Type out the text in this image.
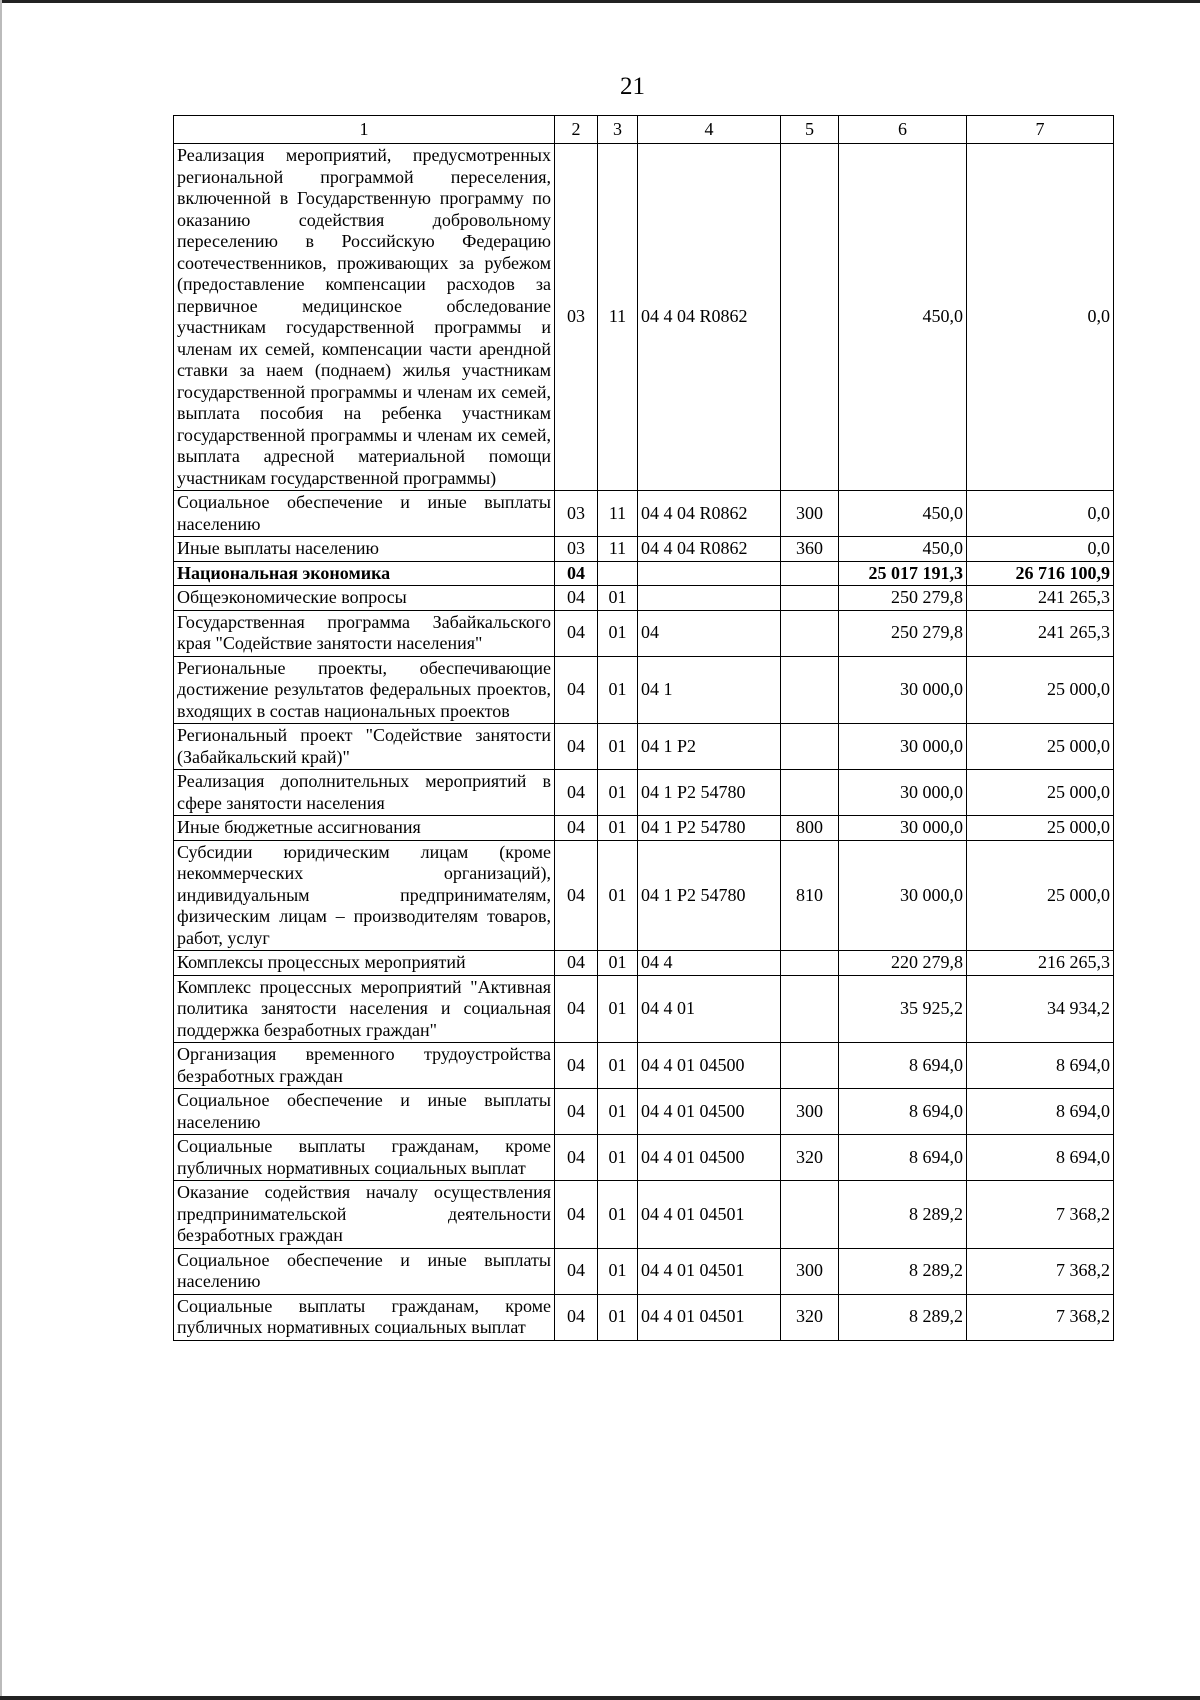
21
1	2	3	4	5	6	7
Реализация мероприятий, предусмотренных региональной программой переселения, включенной в Государственную программу по оказанию содействия добровольному переселению в Российскую Федерацию соотечественников, проживающих за рубежом (предоставление компенсации расходов за первичное медицинское обследование участникам государственной программы и членам их семей, компенсации части арендной ставки за наем (поднаем) жилья участникам государственной программы и членам их семей, выплата пособия на ребенка участникам государственной программы и членам их семей, выплата адресной материальной помощи участникам государственной программы)	03	11	04 4 04 R0862		450,0	0,0
Социальное обеспечение и иные выплаты населению	03	11	04 4 04 R0862	300	450,0	0,0
Иные выплаты населению	03	11	04 4 04 R0862	360	450,0	0,0
Национальная экономика	04				25 017 191,3	26 716 100,9
Общеэкономические вопросы	04	01			250 279,8	241 265,3
Государственная программа Забайкальского края "Содействие занятости населения"	04	01	04		250 279,8	241 265,3
Региональные проекты, обеспечивающие достижение результатов федеральных проектов, входящих в состав национальных проектов	04	01	04 1		30 000,0	25 000,0
Региональный проект "Содействие занятости (Забайкальский край)"	04	01	04 1 P2		30 000,0	25 000,0
Реализация дополнительных мероприятий в сфере занятости населения	04	01	04 1 P2 54780		30 000,0	25 000,0
Иные бюджетные ассигнования	04	01	04 1 P2 54780	800	30 000,0	25 000,0
Субсидии юридическим лицам (кроме некоммерческих организаций), индивидуальным предпринимателям, физическим лицам – производителям товаров, работ, услуг	04	01	04 1 P2 54780	810	30 000,0	25 000,0
Комплексы процессных мероприятий	04	01	04 4		220 279,8	216 265,3
Комплекс процессных мероприятий "Активная политика занятости населения и социальная поддержка безработных граждан"	04	01	04 4 01		35 925,2	34 934,2
Организация временного трудоустройства безработных граждан	04	01	04 4 01 04500		8 694,0	8 694,0
Социальное обеспечение и иные выплаты населению	04	01	04 4 01 04500	300	8 694,0	8 694,0
Социальные выплаты гражданам, кроме публичных нормативных социальных выплат	04	01	04 4 01 04500	320	8 694,0	8 694,0
Оказание содействия началу осуществления предпринимательской деятельности безработных граждан	04	01	04 4 01 04501		8 289,2	7 368,2
Социальное обеспечение и иные выплаты населению	04	01	04 4 01 04501	300	8 289,2	7 368,2
Социальные выплаты гражданам, кроме публичных нормативных социальных выплат	04	01	04 4 01 04501	320	8 289,2	7 368,2
